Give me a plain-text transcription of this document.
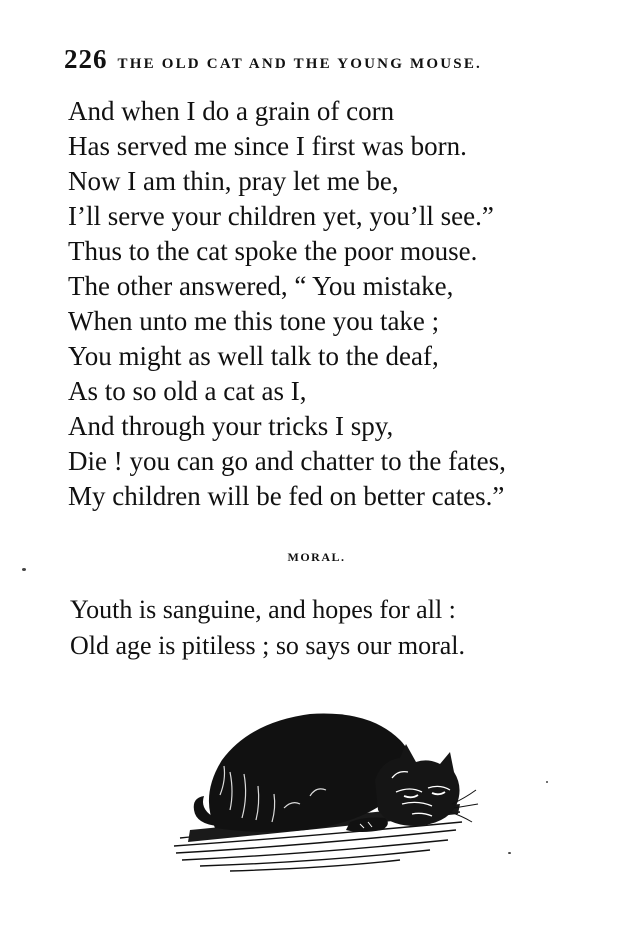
226 THE OLD CAT AND THE YOUNG MOUSE.
And when I do a grain of corn
Has served me since I first was born.
Now I am thin, pray let me be,
I’ll serve your children yet, you’ll see.”
Thus to the cat spoke the poor mouse.
The other answered, “ You mistake,
When unto me this tone you take ;
You might as well talk to the deaf,
As to so old a cat as I,
And through your tricks I spy,
Die ! you can go and chatter to the fates,
My children will be fed on better cates.”
MORAL.
Youth is sanguine, and hopes for all :
Old age is pitiless ; so says our moral.
